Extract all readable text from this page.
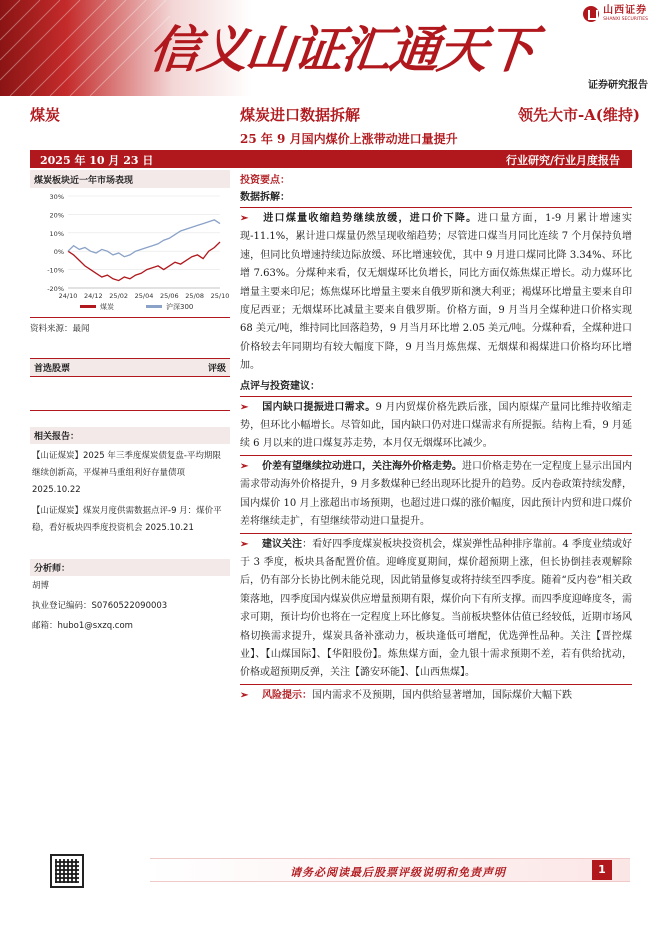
信义山证汇通天下
山西证券
SHANXI SECURITIES
证券研究报告
煤炭	煤炭进口数据拆解	领先大市-A(维持)
25 年 9 月国内煤价上涨带动进口量提升
2025 年 10 月 23 日	行业研究/行业月度报告
煤炭板块近一年市场表现
30%
20%
10%
0%
-10%
-20%
24/10 24/12 25/02 25/04 25/06 25/08 25/10
煤炭	沪深300
资料来源：最闻
首选股票	评级
相关报告：
【山证煤炭】2025 年三季度煤炭债复盘-平均期限继续创新高，平煤神马重组利好存量债项 2025.10.22
【山证煤炭】煤炭月度供需数据点评-9 月：煤价平稳，看好板块四季度投资机会 2025.10.21
分析师：
胡博
执业登记编码：S0760522090003
邮箱：hubo1@sxzq.com
投资要点：
数据拆解：

➢ 进口煤量收缩趋势继续放缓，进口价下降。进口量方面，1-9 月累计增速实现-11.1%，累计进口煤量仍然呈现收缩趋势；尽管进口煤当月同比连续 7 个月保持负增速，但同比负增速持续边际放缓、环比增速较优，其中 9 月进口煤同比降 3.34%、环比增 7.63%。分煤种来看，仅无烟煤环比负增长，同比方面仅炼焦煤正增长。动力煤环比增量主要来印尼；炼焦煤环比增量主要来自俄罗斯和澳大利亚；褐煤环比增量主要来自印度尼西亚；无烟煤环比减量主要来自俄罗斯。价格方面，9 月当月全煤种进口价格实现 68 美元/吨，维持同比回落趋势，9 月当月环比增 2.05 美元/吨。分煤种看，全煤种进口价格较去年同期均有较大幅度下降，9 月当月炼焦煤、无烟煤和褐煤进口价格均环比增加。

点评与投资建议：

➢ 国内缺口提振进口需求。9 月内贸煤价格先跌后涨，国内原煤产量同比维持收缩走势，但环比小幅增长。尽管如此，国内缺口仍对进口煤需求有所提振。结构上看，9 月延续 6 月以来的进口煤复苏走势，本月仅无烟煤环比减少。

➢ 价差有望继续拉动进口，关注海外价格走势。进口价格走势在一定程度上显示出国内需求带动海外价格提升，9 月多数煤种已经出现环比提升的趋势。反内卷政策持续发酵，国内煤价 10 月上涨超出市场预期，也超过进口煤的涨价幅度，因此预计内贸和进口煤价差将继续走扩，有望继续带动进口量提升。

➢ 建议关注：看好四季度煤炭板块投资机会，煤炭弹性品种排序靠前。4 季度业绩或好于 3 季度，板块具备配置价值。迎峰度夏期间，煤价超预期上涨，但长协倒挂表观解除后，仍有部分长协比例未能兑现，因此销量修复或将持续至四季度。随着“反内卷”相关政策落地，四季度国内煤炭供应增量预期有限，煤价向下有所支撑。而四季度迎峰度冬，需求可期，预计均价也将在一定程度上环比修复。当前板块整体估值已经较低，近期市场风格切换需求提升，煤炭具备补涨动力，板块逢低可增配，优选弹性品种。关注【晋控煤业】、【山煤国际】、【华阳股份】。炼焦煤方面，金九银十需求预期不差，若有供给扰动，价格或超预期反弹，关注【潞安环能】、【山西焦煤】。

➢ 风险提示：国内需求不及预期，国内供给显著增加，国际煤价大幅下跌

请务必阅读最后股票评级说明和免责声明	1
